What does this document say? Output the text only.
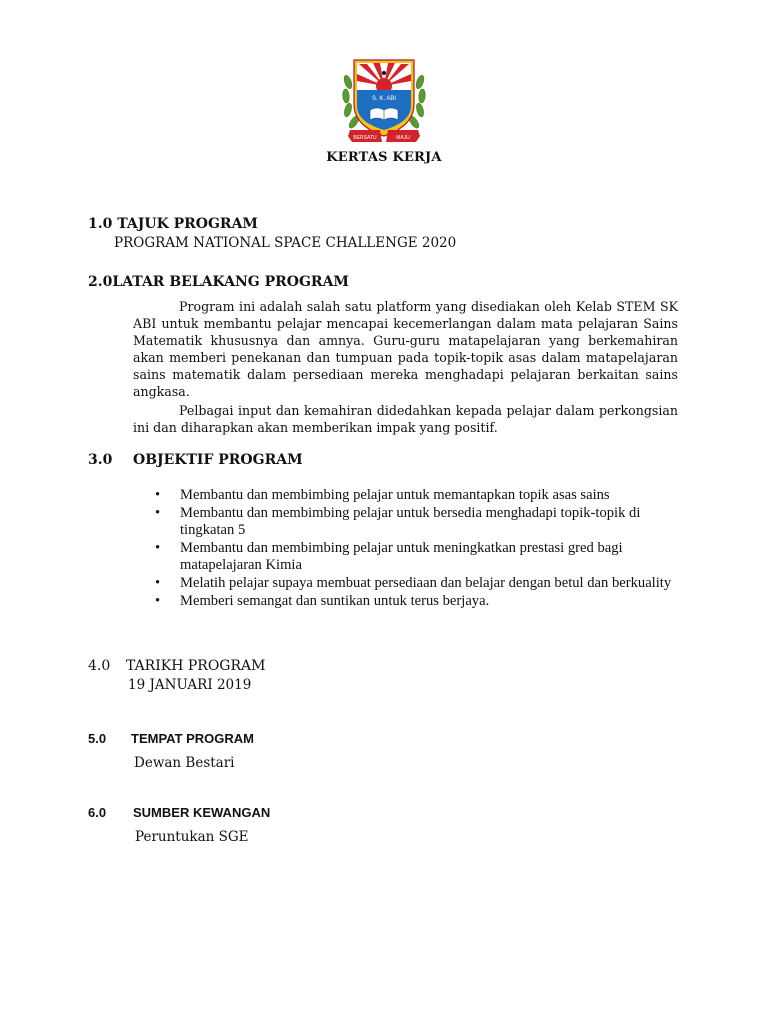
S. K. ABI
BERSATU	MAJU
KERTAS KERJA
1.0 TAJUK PROGRAM
PROGRAM NATIONAL SPACE CHALLENGE 2020
2.0LATAR BELAKANG PROGRAM
Program ini adalah salah satu platform yang disediakan oleh Kelab STEM SK ABI untuk membantu pelajar mencapai kecemerlangan dalam mata pelajaran Sains Matematik khususnya dan amnya. Guru-guru matapelajaran yang berkemahiran akan memberi penekanan dan tumpuan pada topik-topik asas dalam matapelajaran sains matematik dalam persediaan mereka menghadapi pelajaran berkaitan sains angkasa.
Pelbagai input dan kemahiran didedahkan kepada pelajar dalam perkongsian ini dan diharapkan akan memberikan impak yang positif.
3.0 OBJEKTIF PROGRAM
• Membantu dan membimbing pelajar untuk memantapkan topik asas sains
• Membantu dan membimbing pelajar untuk bersedia menghadapi topik-topik di tingkatan 5
• Membantu dan membimbing pelajar untuk meningkatkan prestasi gred bagi matapelajaran Kimia
• Melatih pelajar supaya membuat persediaan dan belajar dengan betul dan berkuality
• Memberi semangat dan suntikan untuk terus berjaya.
4.0 TARIKH PROGRAM
19 JANUARI 2019
5.0 TEMPAT PROGRAM
Dewan Bestari
6.0 SUMBER KEWANGAN
Peruntukan SGE
